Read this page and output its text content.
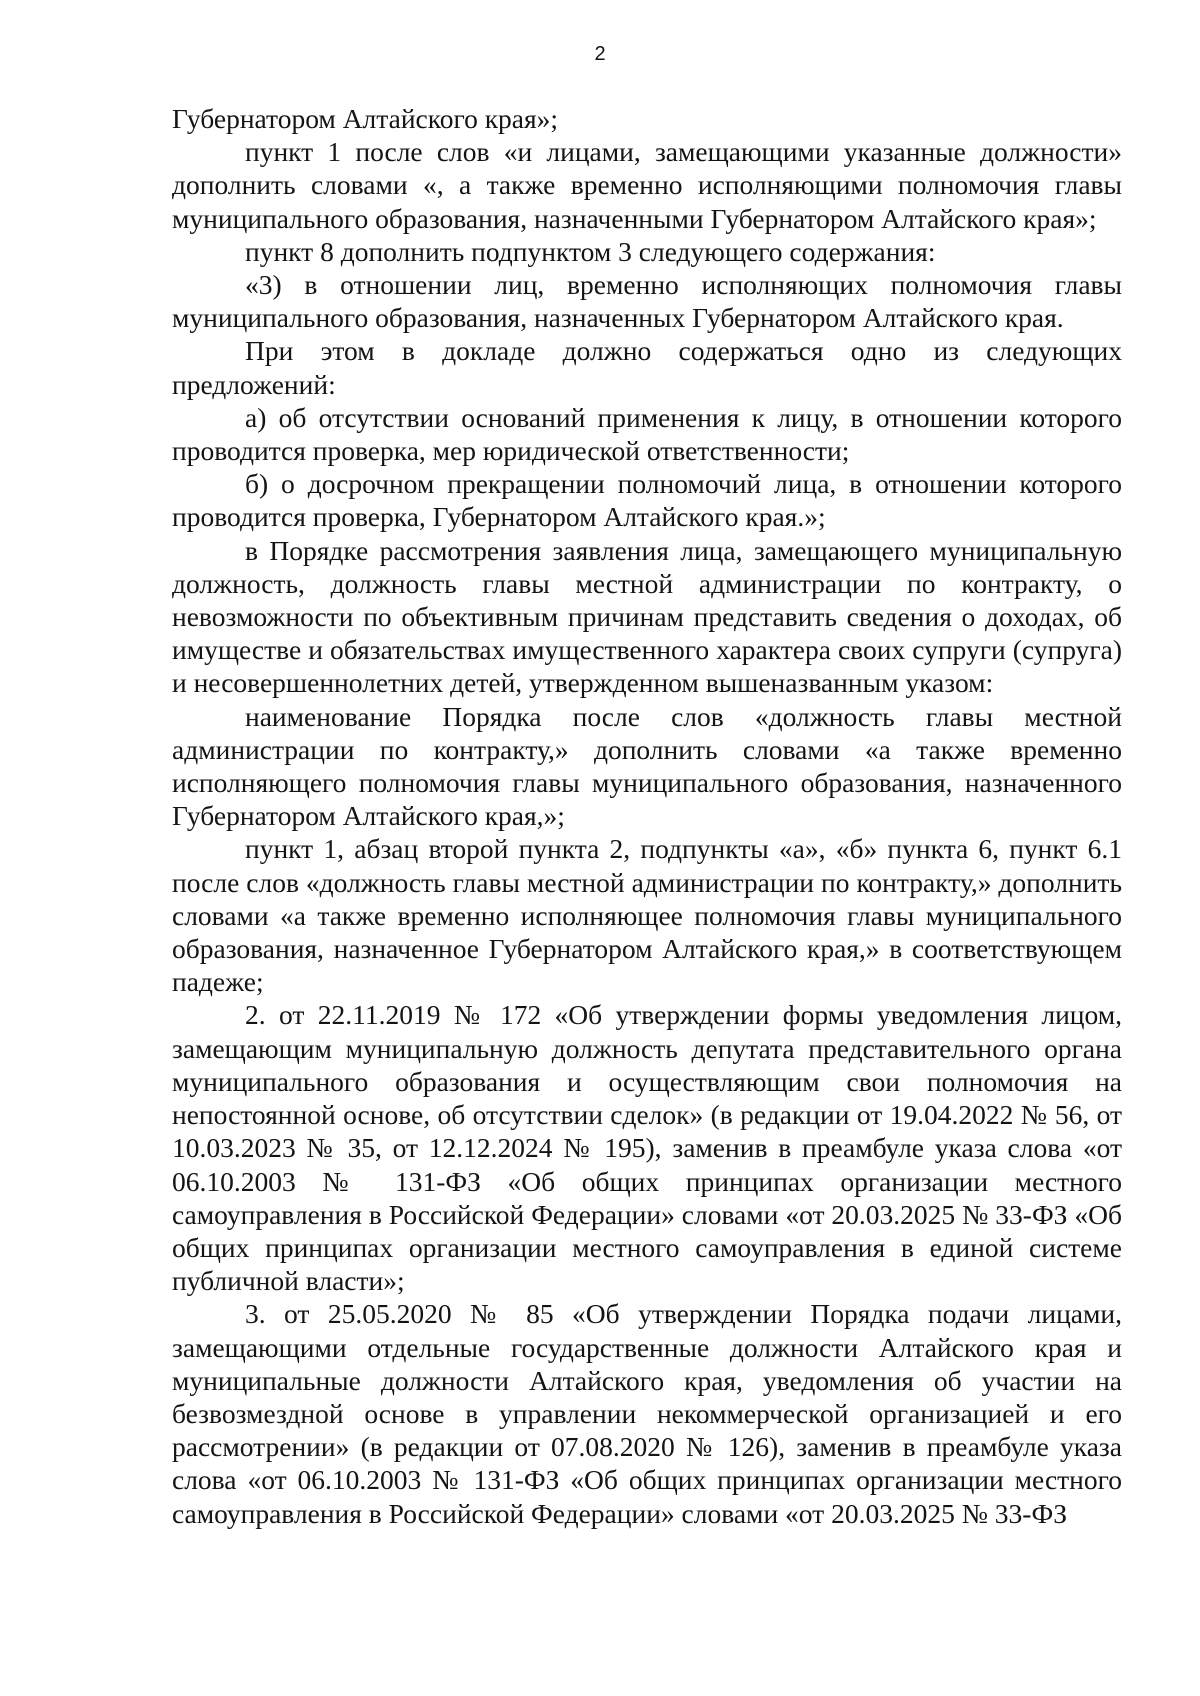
2

Губернатором Алтайского края»;

пункт 1 после слов «и лицами, замещающими указанные должности» дополнить словами «, а также временно исполняющими полномочия главы муниципального образования, назначенными Губернатором Алтайского края»;

пункт 8 дополнить подпунктом 3 следующего содержания:

«3) в отношении лиц, временно исполняющих полномочия главы муниципального образования, назначенных Губернатором Алтайского края.

При этом в докладе должно содержаться одно из следующих предложений:

а) об отсутствии оснований применения к лицу, в отношении которого проводится проверка, мер юридической ответственности;

б) о досрочном прекращении полномочий лица, в отношении которого проводится проверка, Губернатором Алтайского края.»;

в Порядке рассмотрения заявления лица, замещающего муниципальную должность, должность главы местной администрации по контракту, о невозможности по объективным причинам представить сведения о доходах, об имуществе и обязательствах имущественного характера своих супруги (супруга) и несовершеннолетних детей, утвержденном вышеназванным указом:

наименование Порядка после слов «должность главы местной администрации по контракту,» дополнить словами «а также временно исполняющего полномочия главы муниципального образования, назначенного Губернатором Алтайского края,»;

пункт 1, абзац второй пункта 2, подпункты «а», «б» пункта 6, пункт 6.1 после слов «должность главы местной администрации по контракту,» дополнить словами «а также временно исполняющее полномочия главы муниципального образования, назначенное Губернатором Алтайского края,» в соответствующем падеже;

2. от 22.11.2019 № 172 «Об утверждении формы уведомления лицом, замещающим муниципальную должность депутата представительного органа муниципального образования и осуществляющим свои полномочия на непостоянной основе, об отсутствии сделок» (в редакции от 19.04.2022 № 56, от 10.03.2023 № 35, от 12.12.2024 № 195), заменив в преамбуле указа слова «от 06.10.2003 № 131-ФЗ «Об общих принципах организации местного самоуправления в Российской Федерации» словами «от 20.03.2025 № 33-ФЗ «Об общих принципах организации местного самоуправления в единой системе публичной власти»;

3. от 25.05.2020 № 85 «Об утверждении Порядка подачи лицами, замещающими отдельные государственные должности Алтайского края и муниципальные должности Алтайского края, уведомления об участии на безвозмездной основе в управлении некоммерческой организацией и его рассмотрении» (в редакции от 07.08.2020 № 126), заменив в преамбуле указа слова «от 06.10.2003 № 131-ФЗ «Об общих принципах организации местного самоуправления в Российской Федерации» словами «от 20.03.2025 № 33-ФЗ
